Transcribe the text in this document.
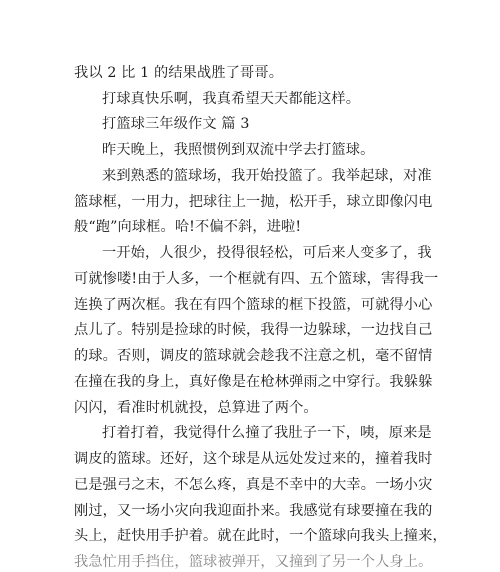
我以 2 比 1 的结果战胜了哥哥。
打球真快乐啊，我真希望天天都能这样。
打篮球三年级作文 篇 3
昨天晚上，我照惯例到双流中学去打篮球。
来到熟悉的篮球场，我开始投篮了。我举起球，对准
篮球框，一用力，把球往上一抛，松开手，球立即像闪电
般“跑”向球框。哈!不偏不斜，进啦!
一开始，人很少，投得很轻松，可后来人变多了，我
可就惨喽!由于人多，一个框就有四、五个篮球，害得我一
连换了两次框。我在有四个篮球的框下投篮，可就得小心
点儿了。特别是捡球的时候，我得一边躲球，一边找自己
的球。否则，调皮的篮球就会趁我不注意之机，毫不留情
在撞在我的身上，真好像是在枪林弹雨之中穿行。我躲躲
闪闪，看准时机就投，总算进了两个。
打着打着，我觉得什么撞了我肚子一下，咦，原来是
调皮的篮球。还好，这个球是从远处发过来的，撞着我时
已是强弓之末，不怎么疼，真是不幸中的大幸。一场小灾
刚过，又一场小灾向我迎面扑来。我感觉有球要撞在我的
头上，赶快用手护着。就在此时，一个篮球向我头上撞来，
我急忙用手挡住，篮球被弹开，又撞到了另一个人身上。
